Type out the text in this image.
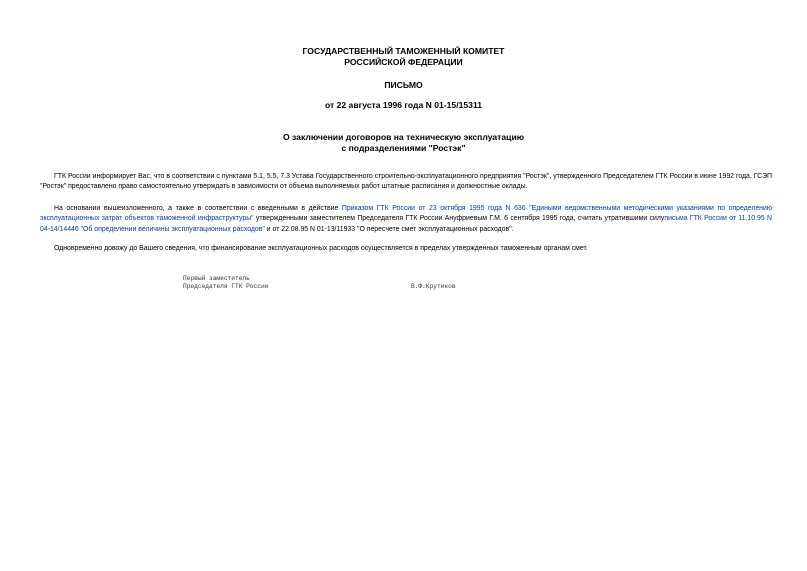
ГОСУДАРСТВЕННЫЙ ТАМОЖЕННЫЙ КОМИТЕТ
РОССИЙСКОЙ ФЕДЕРАЦИИ
ПИСЬМО
от 22 августа 1996 года N 01-15/15311
О заключении договоров на техническую эксплуатацию
с подразделениями "Ростэк"

ГТК России информирует Вас, что в соответствии с пунктами 5.1, 5.5, 7.3 Устава Государственного строительно-эксплуатационного предприятия "Ростэк", утвержденного Председателем ГТК России в июне 1992 года, ГСЭП "Ростэк" предоставлено право самостоятельно утверждать в зависимости от объема выполняемых работ штатные расписания и должностные оклады.

На основании вышеизложенного, а также в соответствии с введенными в действие Приказом ГТК России от 23 октября 1995 года N 636 "Едиными ведомственными методическими указаниями по определению эксплуатационных затрат объектов таможенной инфраструктуры" утвержденными заместителем Председателя ГТК России Ануфриевым Г.М. 6 сентября 1995 года, считать утратившими силуписьма ГТК России от 11.10.95 N 04-14/14446 "Об определении величины эксплуатационных расходов" и от 22.08.95 N 01-13/11933 "О пересчете смет эксплуатационных расходов".

Одновременно довожу до Вашего сведения, что финансирование эксплуатационных расходов осуществляется в пределах утвержденных таможенным органам смет.

Первый заместитель
Председателя ГТК России	В.Ф.Крутиков
